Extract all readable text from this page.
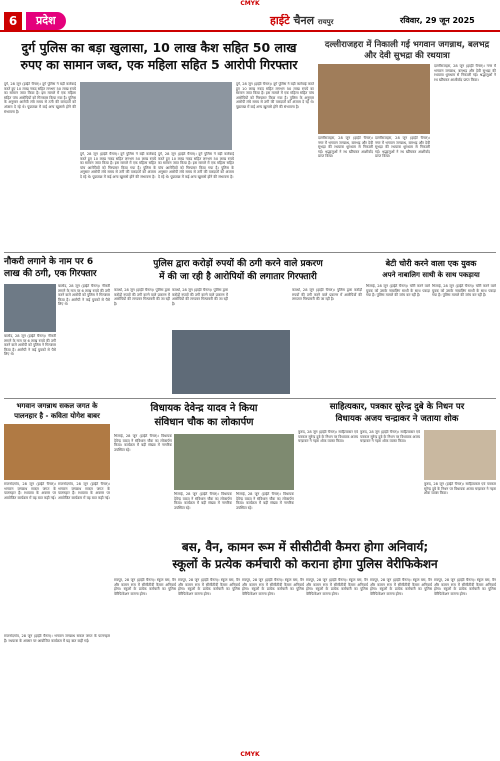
CMYK
6	प्रदेश	हाईटे चैनल रायपुर	रविवार, 29 जून 2025
दुर्ग पुलिस का बड़ा खुलासा, 10 लाख कैश सहित 50 लाख
रुपए का सामान जब्त, एक महिला सहित 5 आरोपी गिरफ्तार
दुर्ग, 28 जून (हाईटे चैनल)। दुर्ग पुलिस ने बड़ी कार्रवाई करते हुए 10 लाख नकद सहित लगभग 50 लाख रुपये का सामान जब्त किया है। इस मामले में एक महिला सहित पांच आरोपियों को गिरफ्तार किया गया है। पुलिस के अनुसार आरोपी लंबे समय से ठगी की वारदातों को अंजाम दे रहे थे। पूछताछ में कई अन्य खुलासे होने की संभावना है।
दुर्ग, 28 जून (हाईटे चैनल)। दुर्ग पुलिस ने बड़ी कार्रवाई करते हुए 10 लाख नकद सहित लगभग 50 लाख रुपये का सामान जब्त किया है। इस मामले में एक महिला सहित पांच आरोपियों को गिरफ्तार किया गया है। पुलिस के अनुसार आरोपी लंबे समय से ठगी की वारदातों को अंजाम दे रहे थे। पूछताछ में कई अन्य खुलासे होने की संभावना है।
दुर्ग, 28 जून (हाईटे चैनल)। दुर्ग पुलिस ने बड़ी कार्रवाई करते हुए 10 लाख नकद सहित लगभग 50 लाख रुपये का सामान जब्त किया है। इस मामले में एक महिला सहित पांच आरोपियों को गिरफ्तार किया गया है। पुलिस के अनुसार आरोपी लंबे समय से ठगी की वारदातों को अंजाम दे रहे थे। पूछताछ में कई अन्य खुलासे होने की संभावना है।
दुर्ग, 28 जून (हाईटे चैनल)। दुर्ग पुलिस ने बड़ी कार्रवाई करते हुए 10 लाख नकद सहित लगभग 50 लाख रुपये का सामान जब्त किया है। इस मामले में एक महिला सहित पांच आरोपियों को गिरफ्तार किया गया है। पुलिस के अनुसार आरोपी लंबे समय से ठगी की वारदातों को अंजाम दे रहे थे। पूछताछ में कई अन्य खुलासे होने की संभावना है।
दल्लीराजहरा में निकाली गई भगवान जगन्नाथ, बलभद्र और देवी सुभद्रा की रथयात्रा
दल्लीराजहरा, 28 जून (हाईटे चैनल)। नगर में भगवान जगन्नाथ, बलभद्र और देवी सुभद्रा की रथयात्रा धूमधाम से निकाली गई। श्रद्धालुओं ने रथ खींचकर आशीर्वाद प्राप्त किया।
दल्लीराजहरा, 28 जून (हाईटे चैनल)। नगर में भगवान जगन्नाथ, बलभद्र और देवी सुभद्रा की रथयात्रा धूमधाम से निकाली गई। श्रद्धालुओं ने रथ खींचकर आशीर्वाद प्राप्त किया।
दल्लीराजहरा, 28 जून (हाईटे चैनल)। नगर में भगवान जगन्नाथ, बलभद्र और देवी सुभद्रा की रथयात्रा धूमधाम से निकाली गई। श्रद्धालुओं ने रथ खींचकर आशीर्वाद प्राप्त किया।
नौकरी लगाने के नाम पर 6 लाख की ठगी, एक गिरफ्तार
बालोद, 28 जून (हाईटे चैनल)। नौकरी लगाने के नाम पर 6 लाख रुपये की ठगी करने वाले आरोपी को पुलिस ने गिरफ्तार किया है। आरोपी ने कई युवकों से पैसे लिए थे।
बालोद, 28 जून (हाईटे चैनल)। नौकरी लगाने के नाम पर 6 लाख रुपये की ठगी करने वाले आरोपी को पुलिस ने गिरफ्तार किया है। आरोपी ने कई युवकों से पैसे लिए थे।
पुलिस द्वारा करोड़ों रुपयों की ठगी करने वाले प्रकरण
में की जा रही है आरोपियों की लगातार गिरफ्तारी
कवर्धा, 28 जून (हाईटे चैनल)। पुलिस द्वारा करोड़ों रुपयों की ठगी करने वाले प्रकरण में आरोपियों की लगातार गिरफ्तारी की जा रही है।
कवर्धा, 28 जून (हाईटे चैनल)। पुलिस द्वारा करोड़ों रुपयों की ठगी करने वाले प्रकरण में आरोपियों की लगातार गिरफ्तारी की जा रही है।
कवर्धा, 28 जून (हाईटे चैनल)। पुलिस द्वारा करोड़ों रुपयों की ठगी करने वाले प्रकरण में आरोपियों की लगातार गिरफ्तारी की जा रही है।
बेटी चोरी करने वाला एक युवक
अपने नाबालिग साथी के साथ पकड़ाया
भिलाई, 28 जून (हाईटे चैनल)। चोरी करने वाले युवक को उसके नाबालिग साथी के साथ पकड़ा गया है। पुलिस मामले की जांच कर रही है।
भिलाई, 28 जून (हाईटे चैनल)। चोरी करने वाले युवक को उसके नाबालिग साथी के साथ पकड़ा गया है। पुलिस मामले की जांच कर रही है।
भगवान जगन्नाथ सकल जगत के
पालनहार है - कविता योगेश बाबर
राजनांदगांव, 28 जून (हाईटे चैनल)। भगवान जगन्नाथ सकल जगत के पालनहार हैं। रथयात्रा के अवसर पर आयोजित कार्यक्रम में यह बात कही गई।
राजनांदगांव, 28 जून (हाईटे चैनल)। भगवान जगन्नाथ सकल जगत के पालनहार हैं। रथयात्रा के अवसर पर आयोजित कार्यक्रम में यह बात कही गई।
विधायक देवेन्द्र यादव ने किया
संविधान चौक का लोकार्पण
भिलाई, 28 जून (हाईटे चैनल)। विधायक देवेन्द्र यादव ने संविधान चौक का लोकार्पण किया। कार्यक्रम में बड़ी संख्या में नागरिक उपस्थित रहे।
भिलाई, 28 जून (हाईटे चैनल)। विधायक देवेन्द्र यादव ने संविधान चौक का लोकार्पण किया। कार्यक्रम में बड़ी संख्या में नागरिक उपस्थित रहे।
भिलाई, 28 जून (हाईटे चैनल)। विधायक देवेन्द्र यादव ने संविधान चौक का लोकार्पण किया। कार्यक्रम में बड़ी संख्या में नागरिक उपस्थित रहे।
साहित्यकार, पत्रकार सुरेन्द्र दुबे के निधन पर
विधायक अजय चन्द्राकर ने जताया शोक
कुरुद, 28 जून (हाईटे चैनल)। साहित्यकार एवं पत्रकार सुरेन्द्र दुबे के निधन पर विधायक अजय चन्द्राकर ने गहरा शोक व्यक्त किया।
कुरुद, 28 जून (हाईटे चैनल)। साहित्यकार एवं पत्रकार सुरेन्द्र दुबे के निधन पर विधायक अजय चन्द्राकर ने गहरा शोक व्यक्त किया।
कुरुद, 28 जून (हाईटे चैनल)। साहित्यकार एवं पत्रकार सुरेन्द्र दुबे के निधन पर विधायक अजय चन्द्राकर ने गहरा शोक व्यक्त किया।
बस, वैन, कामन रूम में सीसीटीवी कैमरा होगा अनिवार्य;
स्कूलों के प्रत्येक कर्मचारी को कराना होगा पुलिस वेरीफिकेशन
रायपुर, 28 जून (हाईटे चैनल)। स्कूल बस, वैन और कामन रूम में सीसीटीवी कैमरा अनिवार्य होगा। स्कूलों के प्रत्येक कर्मचारी का पुलिस वेरीफिकेशन कराना होगा।
रायपुर, 28 जून (हाईटे चैनल)। स्कूल बस, वैन और कामन रूम में सीसीटीवी कैमरा अनिवार्य होगा। स्कूलों के प्रत्येक कर्मचारी का पुलिस वेरीफिकेशन कराना होगा।
रायपुर, 28 जून (हाईटे चैनल)। स्कूल बस, वैन और कामन रूम में सीसीटीवी कैमरा अनिवार्य होगा। स्कूलों के प्रत्येक कर्मचारी का पुलिस वेरीफिकेशन कराना होगा।
रायपुर, 28 जून (हाईटे चैनल)। स्कूल बस, वैन और कामन रूम में सीसीटीवी कैमरा अनिवार्य होगा। स्कूलों के प्रत्येक कर्मचारी का पुलिस वेरीफिकेशन कराना होगा।
रायपुर, 28 जून (हाईटे चैनल)। स्कूल बस, वैन और कामन रूम में सीसीटीवी कैमरा अनिवार्य होगा। स्कूलों के प्रत्येक कर्मचारी का पुलिस वेरीफिकेशन कराना होगा।
रायपुर, 28 जून (हाईटे चैनल)। स्कूल बस, वैन और कामन रूम में सीसीटीवी कैमरा अनिवार्य होगा। स्कूलों के प्रत्येक कर्मचारी का पुलिस वेरीफिकेशन कराना होगा।
राजनांदगांव, 28 जून (हाईटे चैनल)। भगवान जगन्नाथ सकल जगत के पालनहार हैं। रथयात्रा के अवसर पर आयोजित कार्यक्रम में यह बात कही गई।
CMYK
